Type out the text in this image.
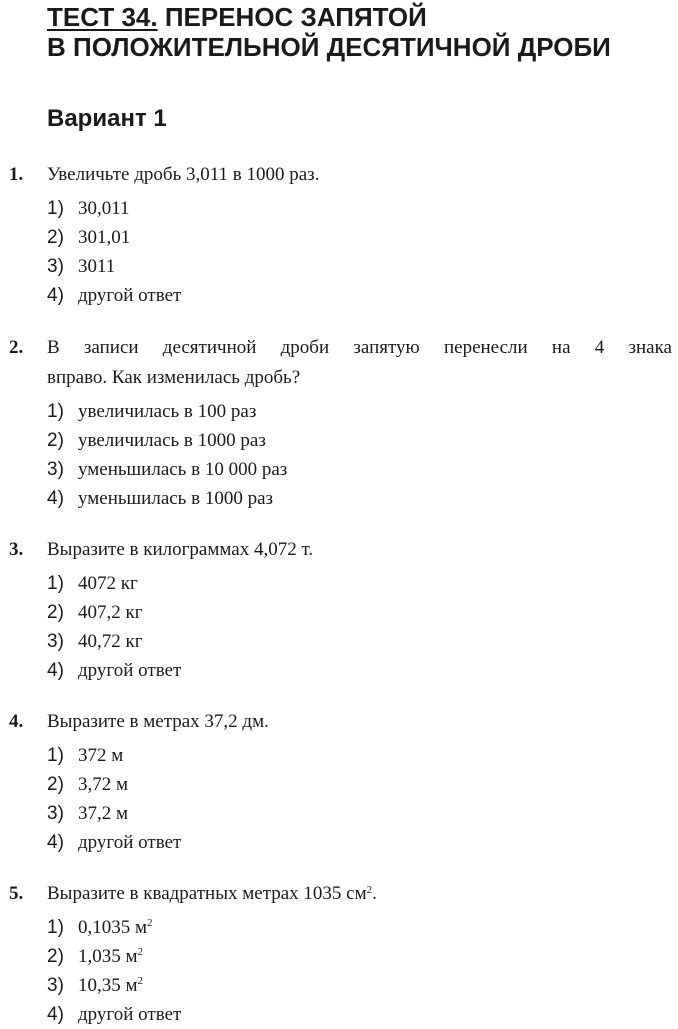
ТЕСТ 34. ПЕРЕНОС ЗАПЯТОЙ
В ПОЛОЖИТЕЛЬНОЙ ДЕСЯТИЧНОЙ ДРОБИ
Вариант 1
1. Увеличьте дробь 3,011 в 1000 раз.
1) 30,011
2) 301,01
3) 3011
4) другой ответ
2. В записи десятичной дроби запятую перенесли на 4 знака
вправо. Как изменилась дробь?
1) увеличилась в 100 раз
2) увеличилась в 1000 раз
3) уменьшилась в 10 000 раз
4) уменьшилась в 1000 раз
3. Выразите в килограммах 4,072 т.
1) 4072 кг
2) 407,2 кг
3) 40,72 кг
4) другой ответ
4. Выразите в метрах 37,2 дм.
1) 372 м
2) 3,72 м
3) 37,2 м
4) другой ответ
5. Выразите в квадратных метрах 1035 $см^2$.
1) 0,1035 $м^2$
2) 1,035 $м^2$
3) 10,35 $м^2$
4) другой ответ
